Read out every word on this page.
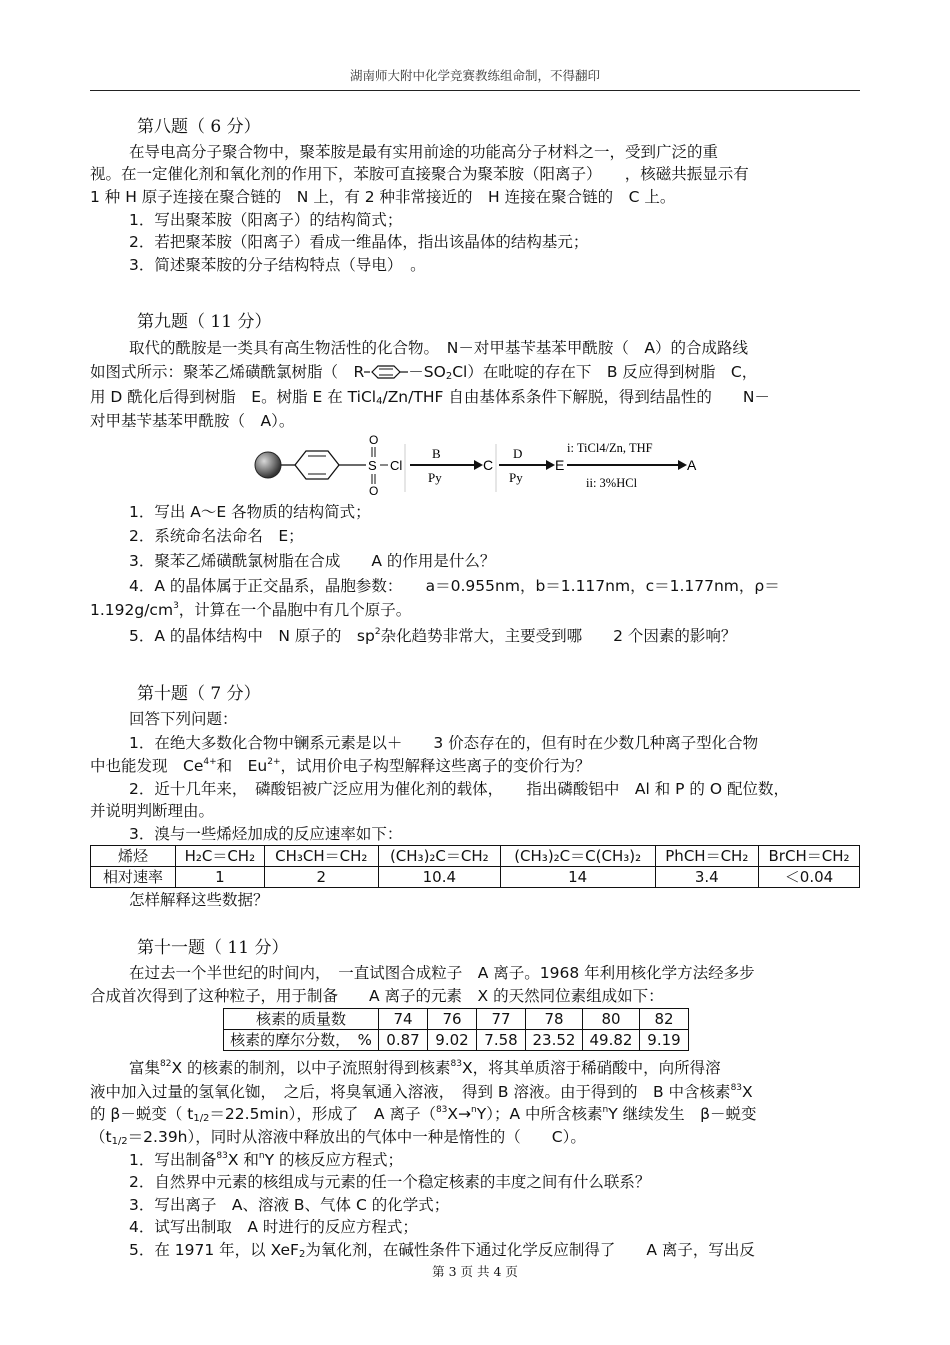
湖南师大附中化学竞赛教练组命制，不得翻印
第八题（ 6 分）
在导电高分子聚合物中，聚苯胺是最有实用前途的功能高分子材料之一，受到广泛的重
视。在一定催化剂和氧化剂的作用下，苯胺可直接聚合为聚苯胺（阳离子）　　，核磁共振显示有
1 种 H 原子连接在聚合链的　N 上，有 2 种非常接近的　H 连接在聚合链的　C 上。
1．写出聚苯胺（阳离子）的结构简式；
2．若把聚苯胺（阳离子）看成一维晶体，指出该晶体的结构基元；
3．简述聚苯胺的分子结构特点（导电）　。
第九题（ 11 分）
取代的酰胺是一类具有高生物活性的化合物。　N－对甲基苄基苯甲酰胺（　A）的合成路线
如图式所示：聚苯乙烯磺酰氯树脂（　R	$-SO_2Cl$）在吡啶的存在下　B 反应得到树脂　C，
用 D 酰化后得到树脂　E。树脂 E 在 TiCl$_4$/Zn/THF 自由基体系条件下解脱，得到结晶性的　　N－
对甲基苄基苯甲酰胺（　A）。
O
S
O
Cl
B
Py
C
D
Py
E
i: TiCl4/Zn, THF
ii: 3%HCl
A
1．写出 A～E 各物质的结构简式；
2．系统命名法命名　E；
3．聚苯乙烯磺酰氯树脂在合成　　A 的作用是什么？
4．A 的晶体属于正交晶系，晶胞参数：　　a＝0.955nm，b＝1.117nm，c＝1.177nm，ρ＝
$1.192g/cm^3$，计算在一个晶胞中有几个原子。
5．A 的晶体结构中　N 原子的　$sp^2$杂化趋势非常大，主要受到哪　　2 个因素的影响？
第十题（ 7 分）
回答下列问题：
1．在绝大多数化合物中镧系元素是以＋　　3 价态存在的，但有时在少数几种离子型化合物
中也能发现　$Ce^{4+}$和　$Eu^{2+}$，试用价电子构型解释这些离子的变价行为？
2．近十几年来，　磷酸铝被广泛应用为催化剂的载体，　　指出磷酸铝中　Al 和 P 的 O 配位数，
并说明判断理由。
3．溴与一些烯烃加成的反应速率如下：
烯烃	H₂C＝CH₂	CH₃CH＝CH₂	(CH₃)₂C＝CH₂	(CH₃)₂C＝C(CH₃)₂	PhCH＝CH₂	BrCH＝CH₂
相对速率	1	2	10.4	14	3.4	＜0.04
怎样解释这些数据？
第十一题（ 11 分）
在过去一个半世纪的时间内，　一直试图合成粒子　A 离子。1968 年利用核化学方法经多步
合成首次得到了这种粒子，用于制备　　A 离子的元素　X 的天然同位素组成如下：
核素的质量数	74	76	77	78	80	82
核素的摩尔分数，　%	0.87	9.02	7.58	23.52	49.82	9.19
富集$^{82}$X 的核素的制剂，以中子流照射得到核素$^{83}$X，将其单质溶于稀硝酸中，向所得溶
液中加入过量的氢氧化铷，　之后，将臭氧通入溶液，　得到 B 溶液。由于得到的　B 中含核素$^{83}$X
的 β－蜕变（ $t_{1/2}=22.5\min$），形成了　A 离子（$^{83}$X→$^n$Y）；A 中所含核素$^n$Y 继续发生　β－蜕变
$(t_{1/2}=2.39h)$，同时从溶液中释放出的气体中一种是惰性的（　　C）。
1．写出制备$^{83}$X 和$^n$Y 的核反应方程式；
2．自然界中元素的核组成与元素的任一个稳定核素的丰度之间有什么联系？
3．写出离子　A、溶液 B、气体 C 的化学式；
4．试写出制取　A 时进行的反应方程式；
5．在 1971 年，以 XeF$_2$为氧化剂，在碱性条件下通过化学反应制得了　　A 离子，写出反
第 3 页 共 4 页
